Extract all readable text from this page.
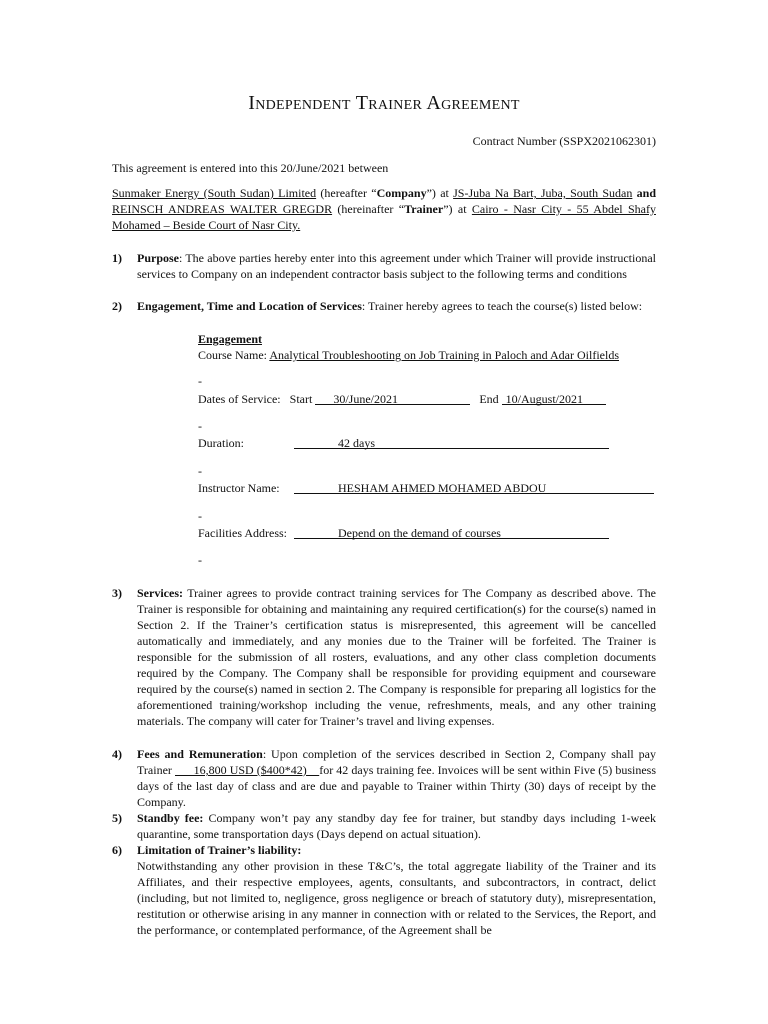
Independent Trainer Agreement
Contract Number (SSPX2021062301)
This agreement is entered into this 20/June/2021 between
Sunmaker Energy (South Sudan) Limited (hereafter “Company”) at JS-Juba Na Bart, Juba, South Sudan and REINSCH ANDREAS WALTER GREGDR (hereinafter “Trainer”) at Cairo - Nasr City - 55 Abdel Shafy Mohamed – Beside Court of Nasr City.
1) Purpose: The above parties hereby enter into this agreement under which Trainer will provide instructional services to Company on an independent contractor basis subject to the following terms and conditions
2) Engagement, Time and Location of Services: Trainer hereby agrees to teach the course(s) listed below:
Engagement
Course Name: Analytical Troubleshooting on Job Training in Paloch and Adar Oilfields
-
Dates of Service: Start 30/June/2021	End 10/August/2021
-
Duration:	42 days
-
Instructor Name:	HESHAM AHMED MOHAMED ABDOU
-
Facilities Address:	Depend on the demand of courses
-
3) Services: Trainer agrees to provide contract training services for The Company as described above. The Trainer is responsible for obtaining and maintaining any required certification(s) for the course(s) named in Section 2. If the Trainer’s certification status is misrepresented, this agreement will be cancelled automatically and immediately, and any monies due to the Trainer will be forfeited. The Trainer is responsible for the submission of all rosters, evaluations, and any other class completion documents required by the Company. The Company shall be responsible for providing equipment and courseware required by the course(s) named in section 2. The Company is responsible for preparing all logistics for the aforementioned training/workshop including the venue, refreshments, meals, and any other training materials. The company will cater for Trainer’s travel and living expenses.
4) Fees and Remuneration: Upon completion of the services described in Section 2, Company shall pay Trainer       16,800 USD ($400*42)    for 42 days training fee. Invoices will be sent within Five (5) business days of the last day of class and are due and payable to Trainer within Thirty (30) days of receipt by the Company.
5) Standby fee: Company won’t pay any standby day fee for trainer, but standby days including 1-week quarantine, some transportation days (Days depend on actual situation).
6) Limitation of Trainer’s liability:
Notwithstanding any other provision in these T&C’s, the total aggregate liability of the Trainer and its Affiliates, and their respective employees, agents, consultants, and subcontractors, in contract, delict (including, but not limited to, negligence, gross negligence or breach of statutory duty), misrepresentation, restitution or otherwise arising in any manner in connection with or related to the Services, the Report, and the performance, or contemplated performance, of the Agreement shall be
